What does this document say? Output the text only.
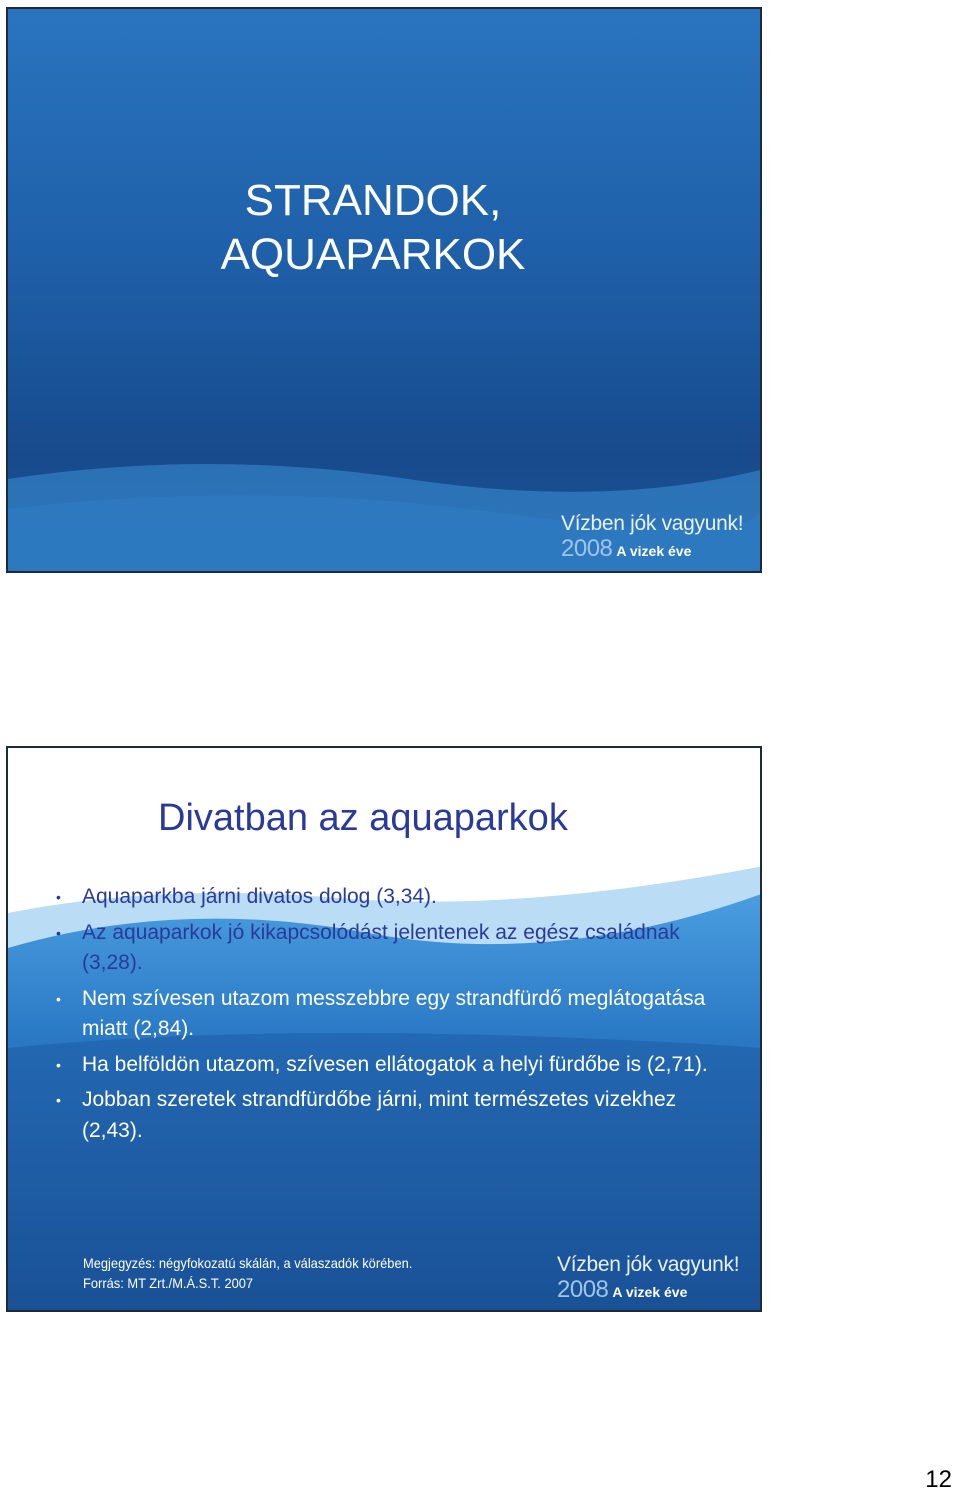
STRANDOK,
AQUAPARKOK
Vízben jók vagyunk!
2008 A vizek éve
Divatban az aquaparkok
• Aquaparkba járni divatos dolog (3,34).
• Az aquaparkok jó kikapcsolódást jelentenek az egész családnak (3,28).
• Nem szívesen utazom messzebbre egy strandfürdő meglátogatása miatt (2,84).
• Ha belföldön utazom, szívesen ellátogatok a helyi fürdőbe is (2,71).
• Jobban szeretek strandfürdőbe járni, mint természetes vizekhez (2,43).
Megjegyzés: négyfokozatú skálán, a válaszadók körében.
Forrás: MT Zrt./M.Á.S.T. 2007
Vízben jók vagyunk!
2008 A vizek éve
12
